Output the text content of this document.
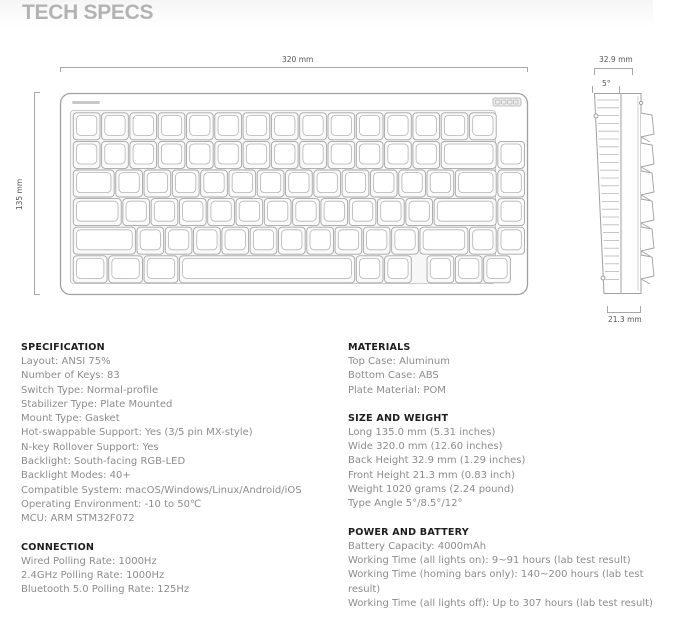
TECH SPECS
320 mm
135 mm
32.9 mm
5°
21.3 mm
SPECIFICATION
Layout: ANSI 75%
Number of Keys: 83
Switch Type: Normal-profile
Stabilizer Type: Plate Mounted
Mount Type: Gasket
Hot-swappable Support: Yes (3/5 pin MX-style)
N-key Rollover Support: Yes
Backlight: South-facing RGB-LED
Backlight Modes: 40+
Compatible System: macOS/Windows/Linux/Android/iOS
Operating Environment: -10 to 50℃
MCU: ARM STM32F072
CONNECTION
Wired Polling Rate: 1000Hz
2.4GHz Polling Rate: 1000Hz
Bluetooth 5.0 Polling Rate: 125Hz
MATERIALS
Top Case: Aluminum
Bottom Case: ABS
Plate Material: POM
SIZE AND WEIGHT
Long 135.0 mm (5.31 inches)
Wide 320.0 mm (12.60 inches)
Back Height 32.9 mm (1.29 inches)
Front Height 21.3 mm (0.83 inch)
Weight 1020 grams (2.24 pound)
Type Angle 5°/8.5°/12°
POWER AND BATTERY
Battery Capacity: 4000mAh
Working Time (all lights on): 9~91 hours (lab test result)
Working Time (homing bars only): 140~200 hours (lab test result)
Working Time (all lights off): Up to 307 hours (lab test result)
